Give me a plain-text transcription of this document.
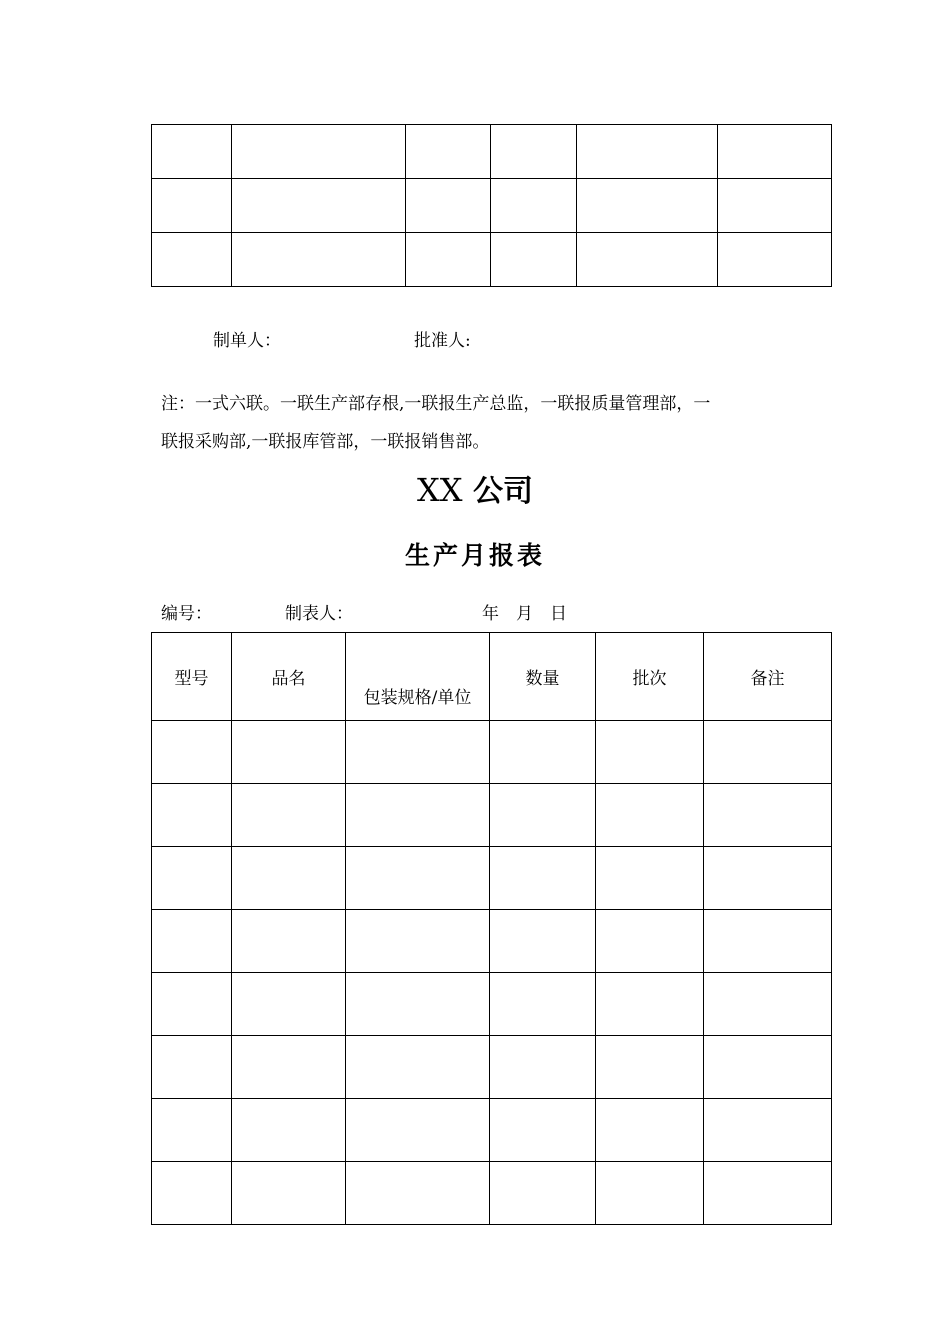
制单人：	批准人:
注：一式六联。一联生产部存根,一联报生产总监，一联报质量管理部，一
联报采购部,一联报库管部，一联报销售部。
XX 公司
生产月报表
编号：	制表人：	年 月 日
型号	品名	包装规格/单位	数量	批次	备注
